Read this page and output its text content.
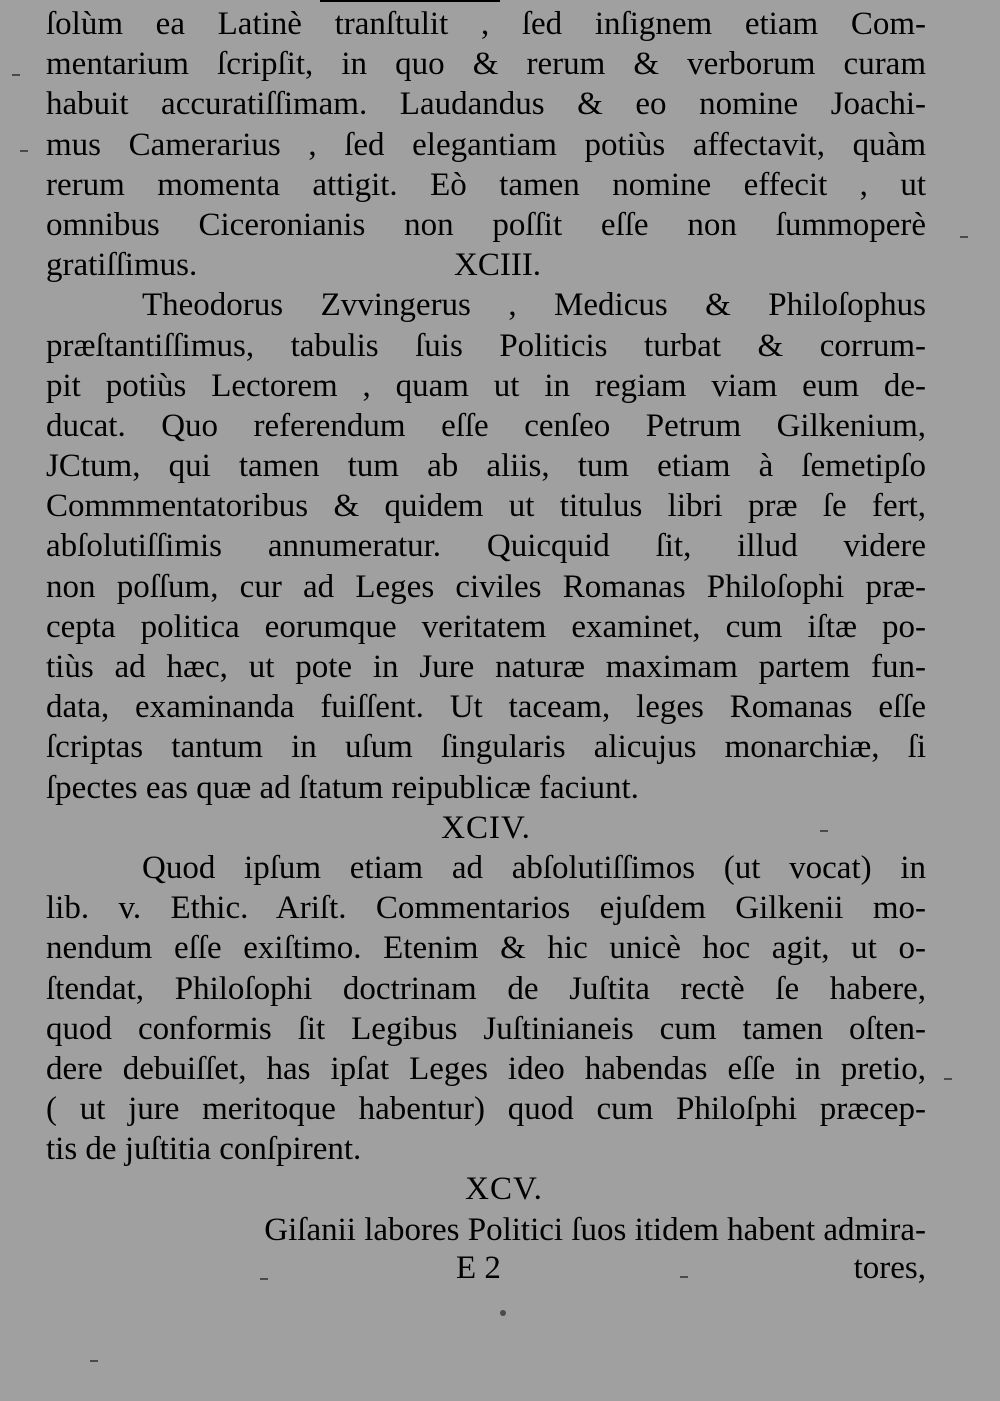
ſolùm ea Latinè tranſtulit , ſed inſignem etiam Com-
mentarium ſcripſit, in quo & rerum & verborum curam
habuit accuratiſſimam. Laudandus & eo nomine Joachi-
mus Camerarius , ſed elegantiam potiùs affectavit, quàm
rerum momenta attigit. Eò tamen nomine effecit , ut
omnibus Ciceronianis non poſſit eſſe non ſummoperè
gratiſſimus.	XCIII.
Theodorus Zvvingerus , Medicus & Philoſophus
præſtantiſſimus, tabulis ſuis Politicis turbat & corrum-
pit potiùs Lectorem , quam ut in regiam viam eum de-
ducat. Quo referendum eſſe cenſeo Petrum Gilkenium,
JCtum, qui tamen tum ab aliis, tum etiam à ſemetipſo
Commmentatoribus & quidem ut titulus libri præ ſe fert,
abſolutiſſimis annumeratur. Quicquid ſit, illud videre
non poſſum, cur ad Leges civiles Romanas Philoſophi præ-
cepta politica eorumque veritatem examinet, cum iſtæ po-
tiùs ad hæc, ut pote in Jure naturæ maximam partem fun-
data, examinanda fuiſſent. Ut taceam, leges Romanas eſſe
ſcriptas tantum in uſum ſingularis alicujus monarchiæ, ſi
ſpectes eas quæ ad ſtatum reipublicæ faciunt.
XCIV.
Quod ipſum etiam ad abſolutiſſimos (ut vocat) in
lib. v. Ethic. Ariſt. Commentarios ejuſdem Gilkenii mo-
nendum eſſe exiſtimo. Etenim & hic unicè hoc agit, ut o-
ſtendat, Philoſophi doctrinam de Juſtita rectè ſe habere,
quod conformis ſit Legibus Juſtinianeis cum tamen oſten-
dere debuiſſet, has ipſat Leges ideo habendas eſſe in pretio,
( ut jure meritoque habentur) quod cum Philoſphi præcep-
tis de juſtitia conſpirent.
XCV.
Giſanii labores Politici ſuos itidem habent admira-
E 2	tores,
